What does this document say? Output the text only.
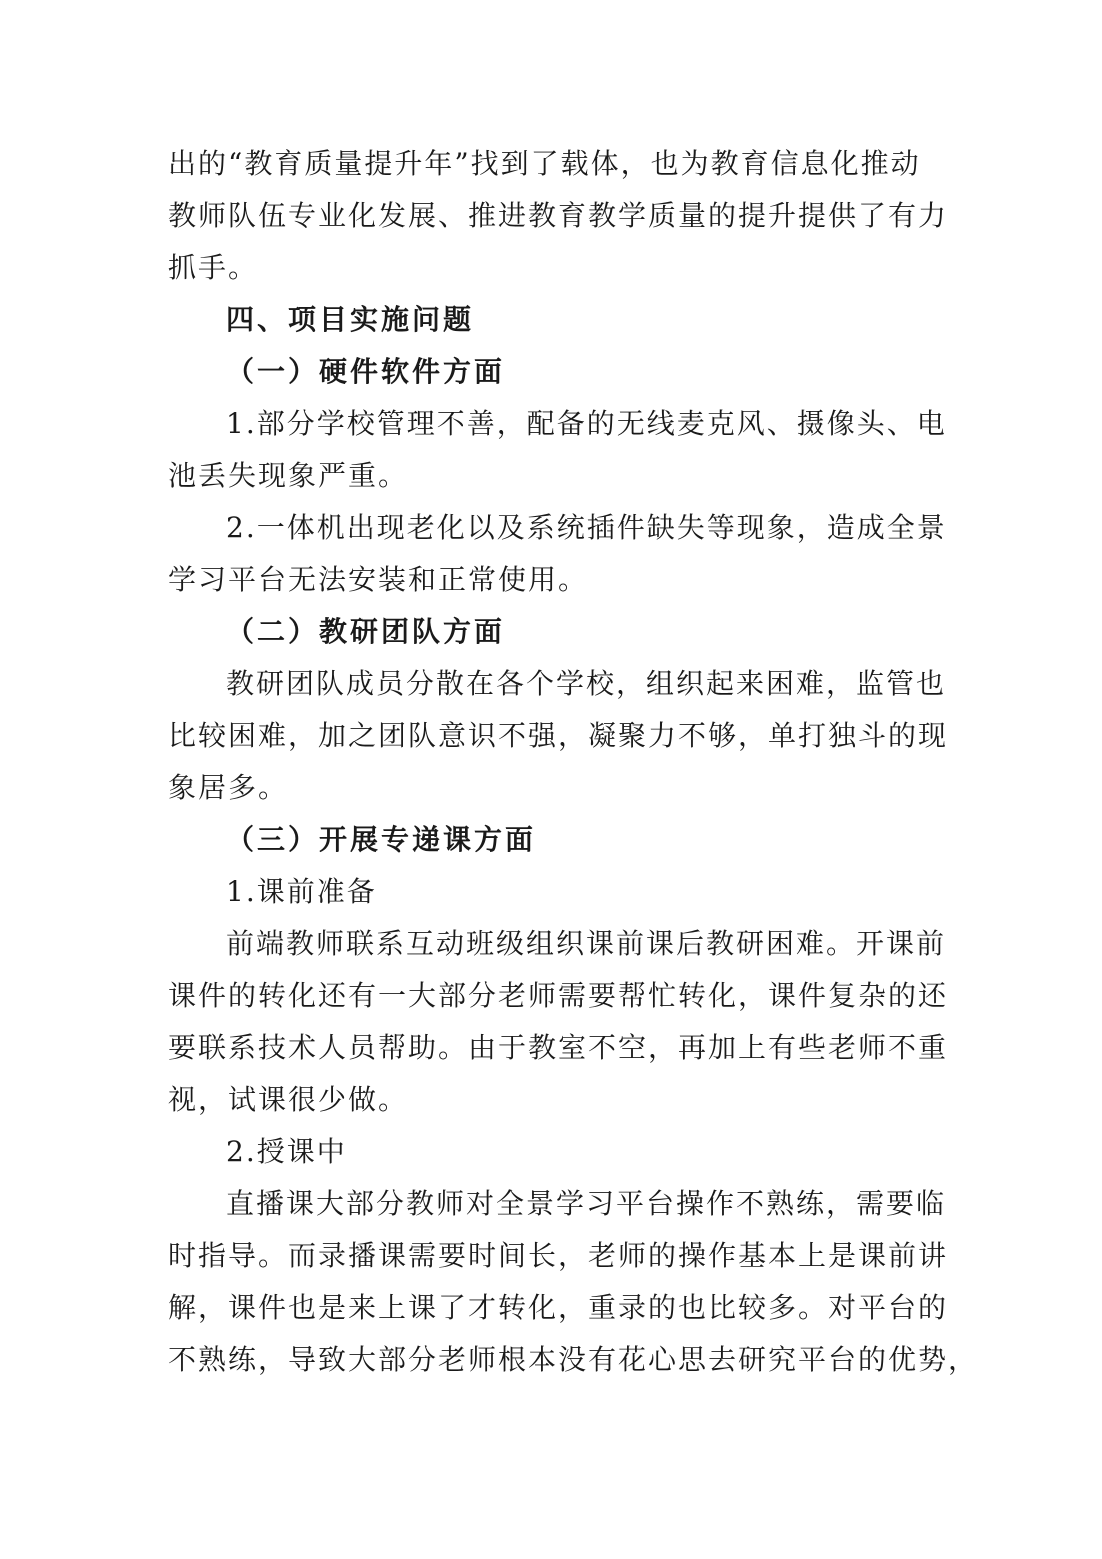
出的“教育质量提升年”找到了载体，也为教育信息化推动
教师队伍专业化发展、推进教育教学质量的提升提供了有力
抓手。
四、项目实施问题
（一）硬件软件方面
1.部分学校管理不善，配备的无线麦克风、摄像头、电
池丢失现象严重。
2.一体机出现老化以及系统插件缺失等现象，造成全景
学习平台无法安装和正常使用。
（二）教研团队方面
教研团队成员分散在各个学校，组织起来困难，监管也
比较困难，加之团队意识不强，凝聚力不够，单打独斗的现
象居多。
（三）开展专递课方面
1.课前准备
前端教师联系互动班级组织课前课后教研困难。开课前
课件的转化还有一大部分老师需要帮忙转化，课件复杂的还
要联系技术人员帮助。由于教室不空，再加上有些老师不重
视，试课很少做。
2.授课中
直播课大部分教师对全景学习平台操作不熟练，需要临
时指导。而录播课需要时间长，老师的操作基本上是课前讲
解，课件也是来上课了才转化，重录的也比较多。对平台的
不熟练，导致大部分老师根本没有花心思去研究平台的优势，
